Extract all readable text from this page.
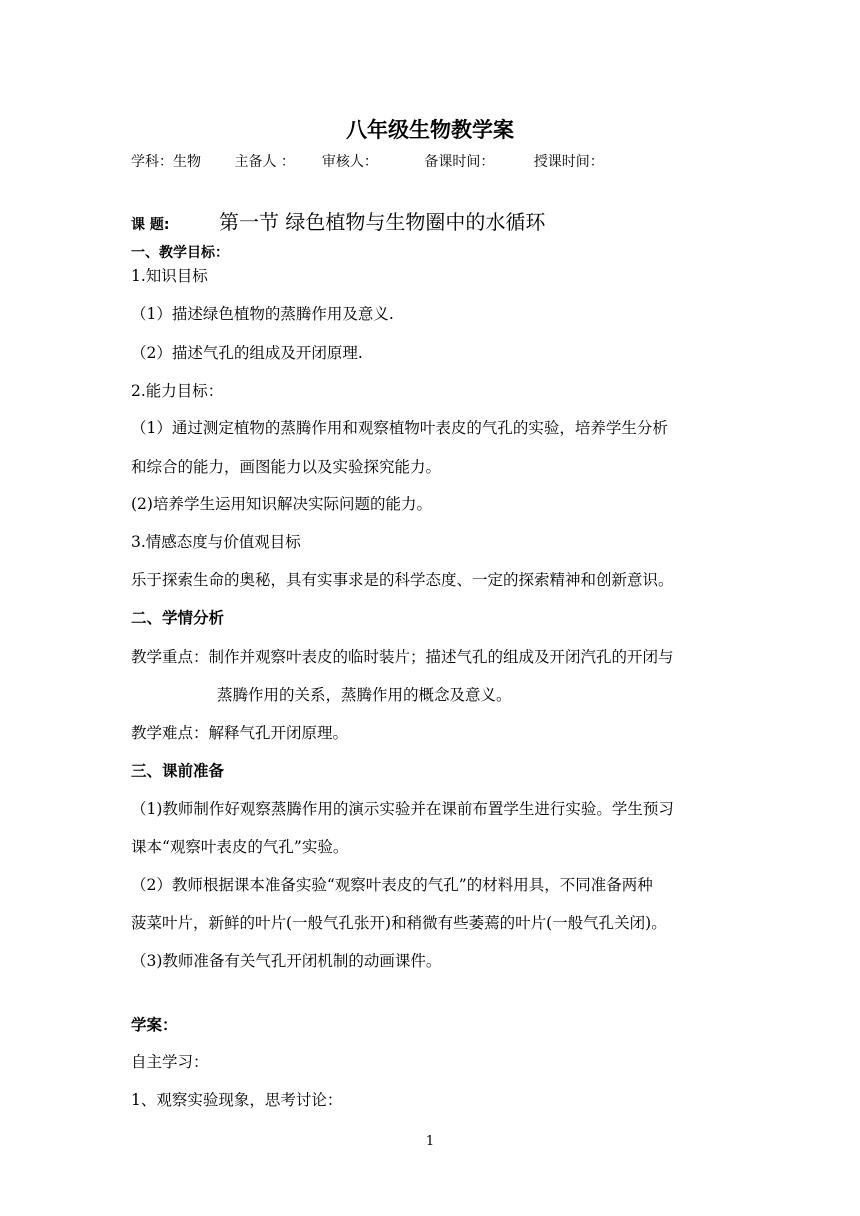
八年级生物教学案
学科：生物 主备人 ： 审核人：	备课时间：	授课时间：
课 题: 第一节 绿色植物与生物圈中的水循环
一、教学目标：
1.知识目标
（1）描述绿色植物的蒸腾作用及意义.
（2）描述气孔的组成及开闭原理.
2.能力目标：
（1）通过测定植物的蒸腾作用和观察植物叶表皮的气孔的实验，培养学生分析
和综合的能力，画图能力以及实验探究能力。
(2)培养学生运用知识解决实际问题的能力。
3.情感态度与价值观目标
乐于探索生命的奥秘，具有实事求是的科学态度、一定的探索精神和创新意识。
二、学情分析
教学重点：制作并观察叶表皮的临时装片；描述气孔的组成及开闭汽孔的开闭与
蒸腾作用的关系，蒸腾作用的概念及意义。
教学难点：解释气孔开闭原理。
三、课前准备
（1)教师制作好观察蒸腾作用的演示实验并在课前布置学生进行实验。学生预习
课本“观察叶表皮的气孔”实验。
（2）教师根据课本准备实验“观察叶表皮的气孔”的材料用具，不同准备两种
菠菜叶片，新鲜的叶片(一般气孔张开)和稍微有些萎蔫的叶片(一般气孔关闭)。
（3)教师准备有关气孔开闭机制的动画课件。
学案：
自主学习：
1、观察实验现象，思考讨论：
1
